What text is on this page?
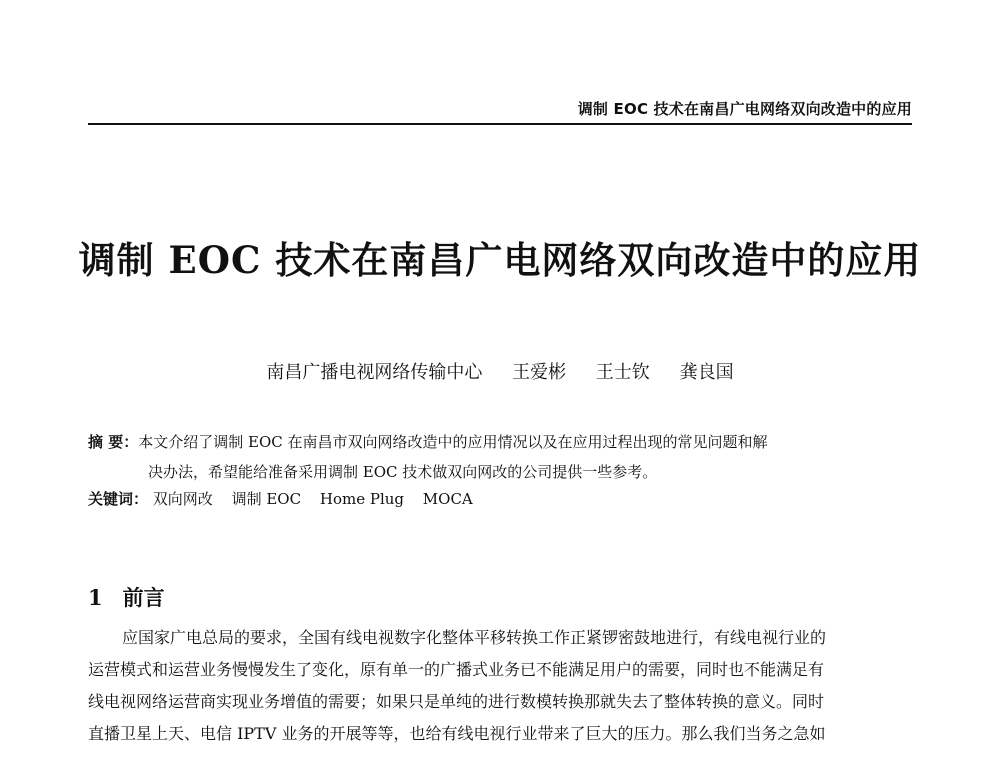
调制 EOC 技术在南昌广电网络双向改造中的应用
调制 EOC 技术在南昌广电网络双向改造中的应用
南昌广播电视网络传输中心 王爱彬 王士钦 龚良国
摘 要：本文介绍了调制 EOC 在南昌市双向网络改造中的应用情况以及在应用过程出现的常见问题和解
决办法，希望能给准备采用调制 EOC 技术做双向网改的公司提供一些参考。
关键词： 双向网改 调制 EOC Home Plug MOCA
1 前言
应国家广电总局的要求，全国有线电视数字化整体平移转换工作正紧锣密鼓地进行，有线电视行业的
运营模式和运营业务慢慢发生了变化，原有单一的广播式业务已不能满足用户的需要，同时也不能满足有
线电视网络运营商实现业务增值的需要；如果只是单纯的进行数模转换那就失去了整体转换的意义。同时
直播卫星上天、电信 IPTV 业务的开展等等，也给有线电视行业带来了巨大的压力。那么我们当务之急如
